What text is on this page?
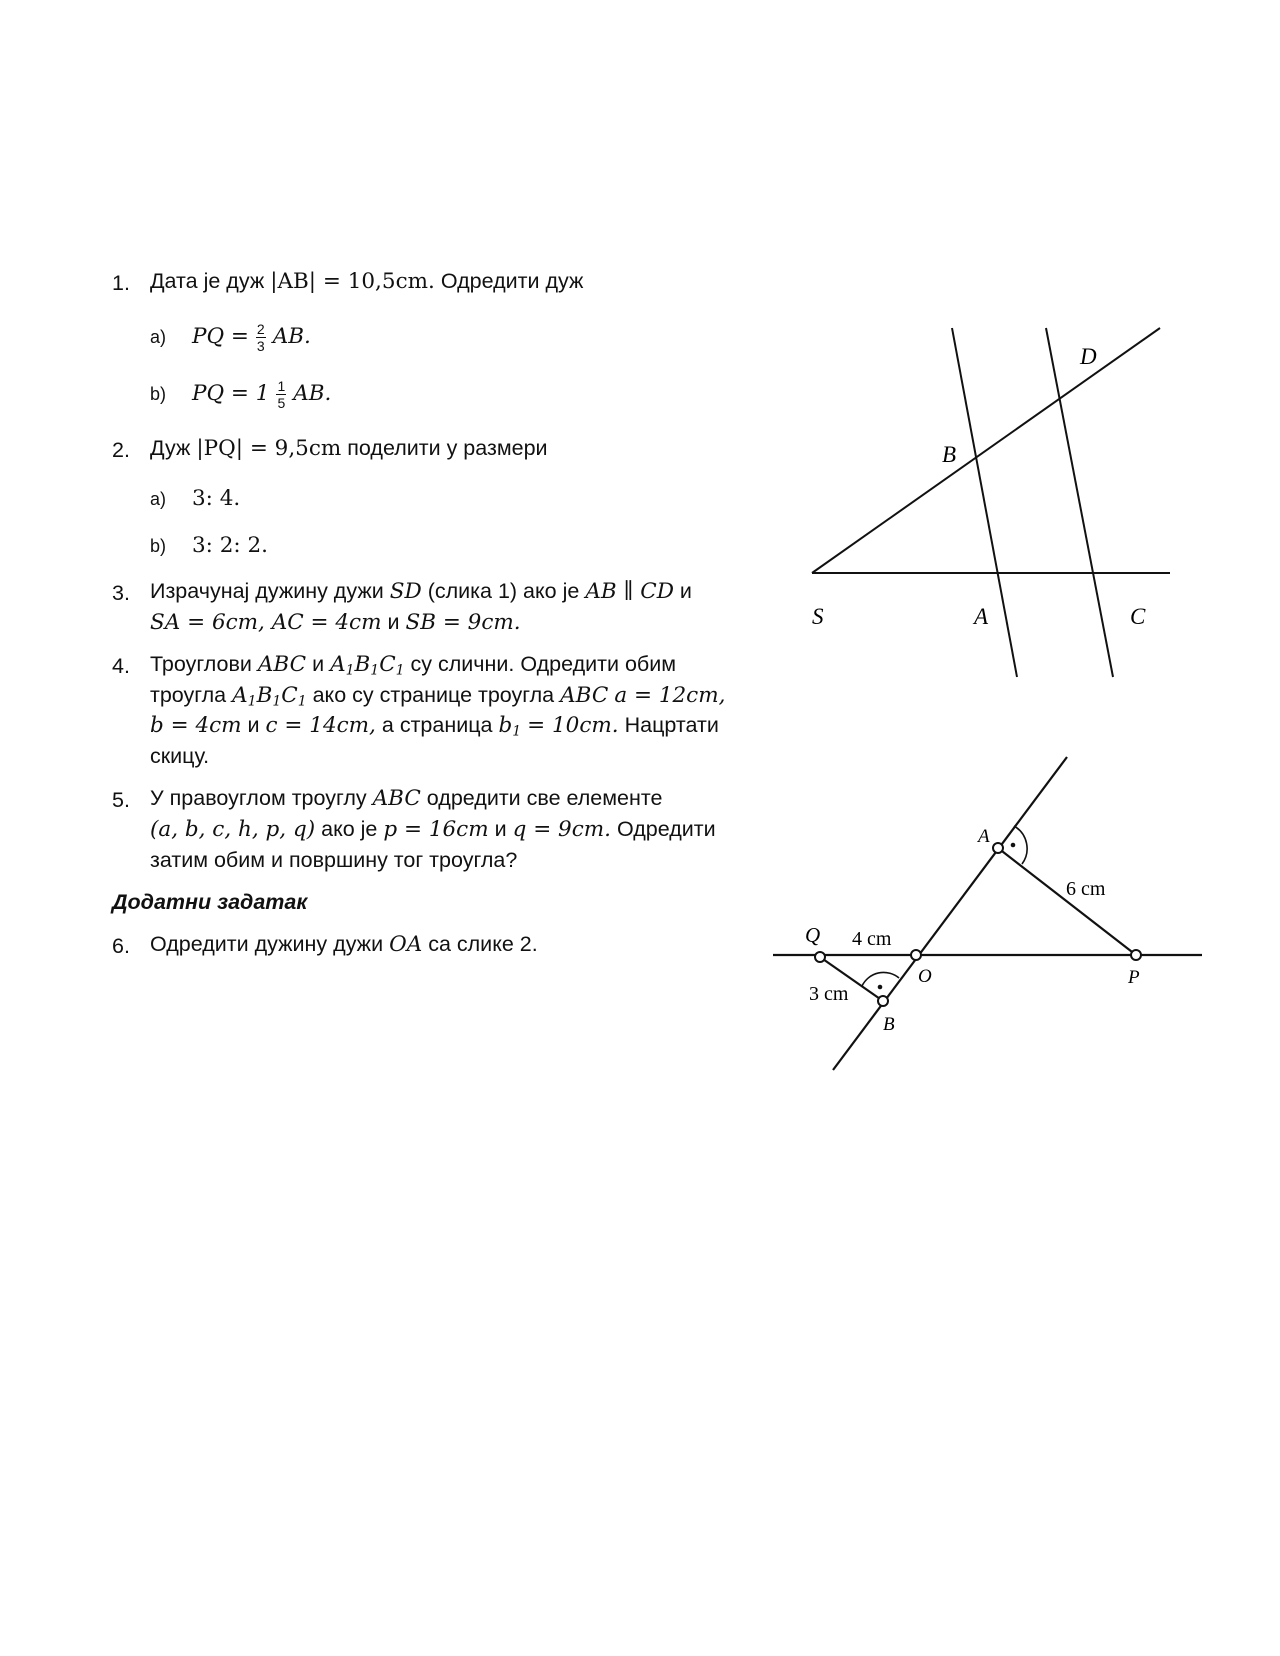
1. Дата је дуж |AB| = 10,5cm. Одредити дуж
a) PQ = $\frac{2}{3}$ AB.
b) PQ = $1 \frac{1}{5}$ AB.
2. Дуж |PQ| = 9,5cm поделити у размери
a) 3: 4.
b) 3: 2: 2.
3. Израчунај дужину дужи SD (слика 1) ако је AB ∥ CD и
SA = 6cm, AC = 4cm и SB = 9cm.
4. Троуглови ABC и $A_1B_1C_1$ су слични. Одредити обим
троугла $A_1B_1C_1$ ако су странице троугла ABC a = 12cm,
b = 4cm и c = 14cm, а страница $b_1 = 10cm$. Нацртати
скицу.
5. У правоуглом троуглу ABC одредити све елементе
(a, b, c, h, p, q) ако је p = 16cm и q = 9cm. Одредити
затим обим и површину тог троугла?
Додатни задатак
6. Одредити дужину дужи OA са слике 2.
S	A	C
B
D
Q
O	P
A
B
4 cm
3 cm
6 cm
